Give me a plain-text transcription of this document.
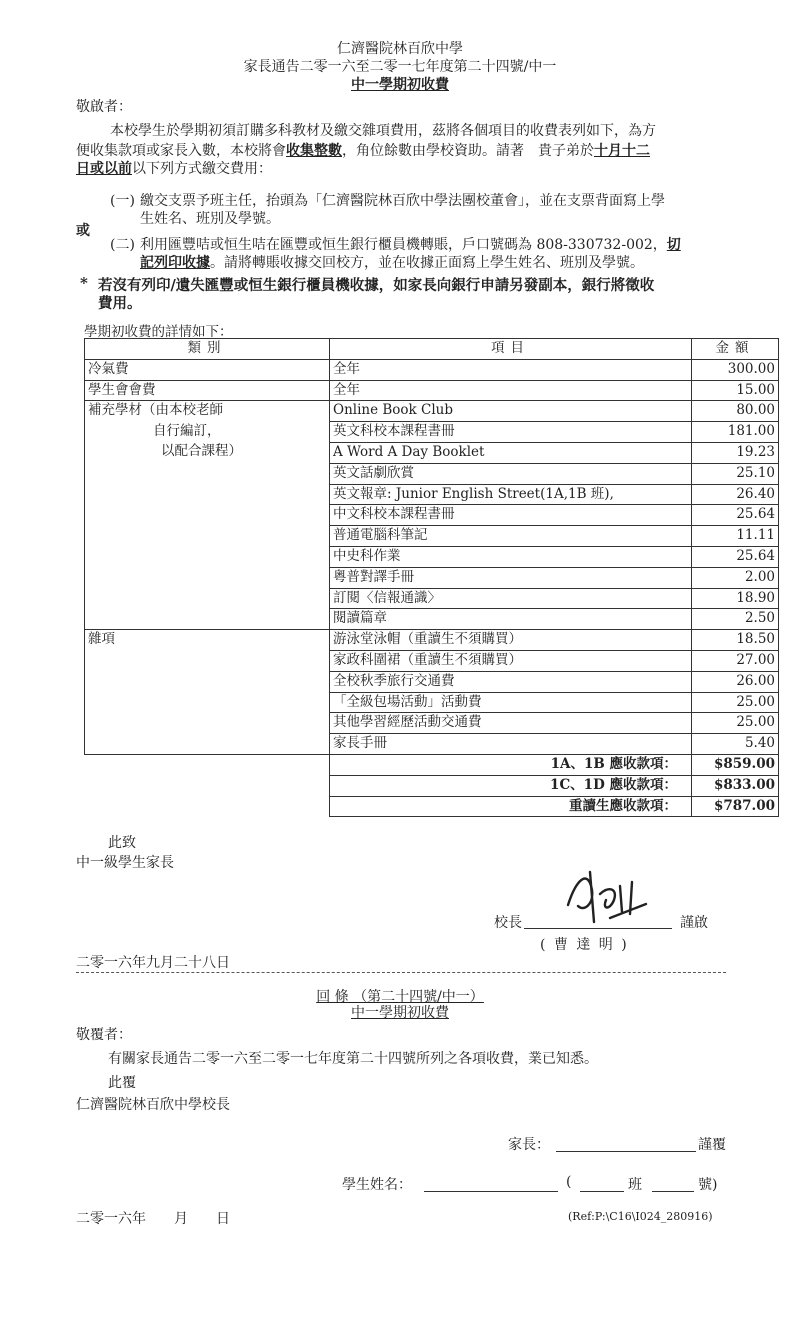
仁濟醫院林百欣中學
家長通告二零一六至二零一七年度第二十四號/中一
中一學期初收費
敬啟者：
本校學生於學期初須訂購多科教材及繳交雜項費用，茲將各個項目的收費表列如下，為方
便收集款項或家長入數，本校將會收集整數，角位餘數由學校資助。請著　貴子弟於十月十二
日或以前以下列方式繳交費用：
(一) 繳交支票予班主任，抬頭為「仁濟醫院林百欣中學法團校董會」，並在支票背面寫上學
生姓名、班別及學號。
或
(二) 利用匯豐咭或恒生咭在匯豐或恒生銀行櫃員機轉賬，戶口號碼為 808-330732-002，切
記列印收據。請將轉賬收據交回校方，並在收據正面寫上學生姓名、班別及學號。
* 若沒有列印/遺失匯豐或恒生銀行櫃員機收據，如家長向銀行申請另發副本，銀行將徵收
費用。
學期初收費的詳情如下：
類別	項目	金額
冷氣費	全年	300.00
學生會會費	全年	15.00
補充學材（由本校老師	Online Book Club	80.00
自行編訂，	英文科校本課程書冊	181.00
以配合課程）	A Word A Day Booklet	19.23
	英文話劇欣賞	25.10
	英文報章: Junior English Street(1A,1B 班),	26.40
	中文科校本課程書冊	25.64
	普通電腦科筆記	11.11
	中史科作業	25.64
	粵普對譯手冊	2.00
	訂閱〈信報通識〉	18.90
	閱讀篇章	2.50
雜項	游泳堂泳帽（重讀生不須購買）	18.50
	家政科圍裙（重讀生不須購買）	27.00
	全校秋季旅行交通費	26.00
	「全級包場活動」活動費	25.00
	其他學習經歷活動交通費	25.00
	家長手冊	5.40
	1A、1B 應收款項：	$859.00
	1C、1D 應收款項：	$833.00
	重讀生應收款項：	$787.00
此致
中一級學生家長
校長	謹啟
( 曹 達 明 )
二零一六年九月二十八日
回 條 （第二十四號/中一）
中一學期初收費
敬覆者：
有關家長通告二零一六至二零一七年度第二十四號所列之各項收費，業已知悉。
此覆
仁濟醫院林百欣中學校長
家長：	謹覆
學生姓名：	(	班	號)
二零一六年　　月　　日	(Ref:P:\C16\I024_280916)
